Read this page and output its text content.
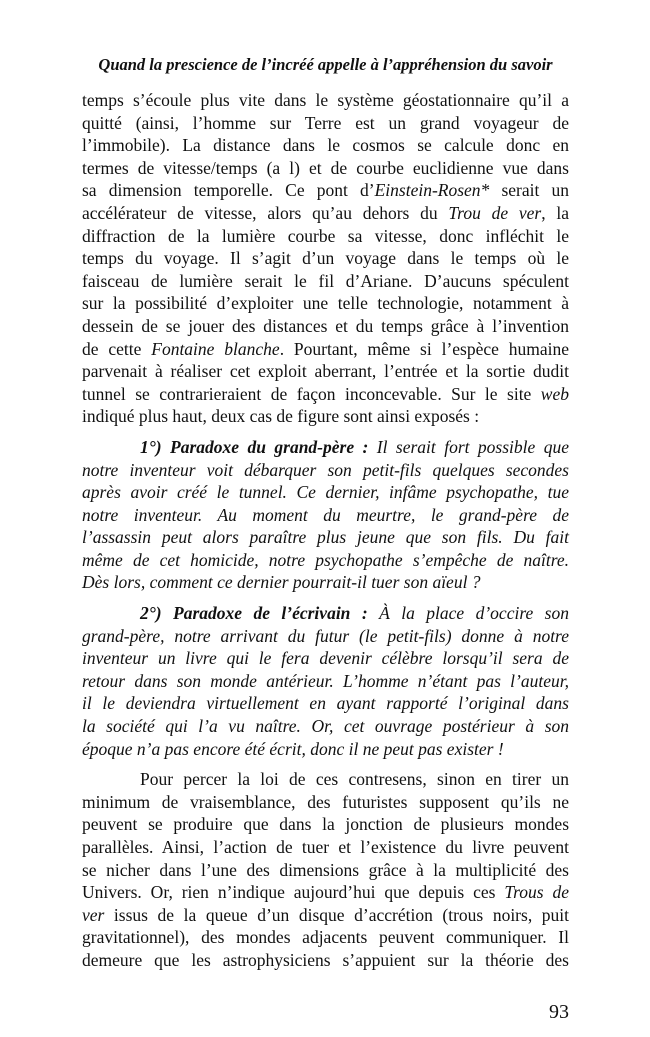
Quand la prescience de l’incréé appelle à l’appréhension du savoir
temps s’écoule plus vite dans le système géostationnaire qu’il a
quitté (ainsi, l’homme sur Terre est un grand voyageur de
l’immobile). La distance dans le cosmos se calcule donc en
termes de vitesse/temps (a l) et de courbe euclidienne vue dans
sa dimension temporelle. Ce pont d’Einstein-Rosen* serait un
accélérateur de vitesse, alors qu’au dehors du Trou de ver, la
diffraction de la lumière courbe sa vitesse, donc infléchit le
temps du voyage. Il s’agit d’un voyage dans le temps où le
faisceau de lumière serait le fil d’Ariane. D’aucuns spéculent
sur la possibilité d’exploiter une telle technologie, notamment à
dessein de se jouer des distances et du temps grâce à l’invention
de cette Fontaine blanche. Pourtant, même si l’espèce humaine
parvenait à réaliser cet exploit aberrant, l’entrée et la sortie dudit
tunnel se contrarieraient de façon inconcevable. Sur le site web
indiqué plus haut, deux cas de figure sont ainsi exposés :
1°) Paradoxe du grand-père : Il serait fort possible que
notre inventeur voit débarquer son petit-fils quelques secondes
après avoir créé le tunnel. Ce dernier, infâme psychopathe, tue
notre inventeur. Au moment du meurtre, le grand-père de
l’assassin peut alors paraître plus jeune que son fils. Du fait
même de cet homicide, notre psychopathe s’empêche de naître.
Dès lors, comment ce dernier pourrait-il tuer son aïeul ?
2°) Paradoxe de l’écrivain : À la place d’occire son
grand-père, notre arrivant du futur (le petit-fils) donne à notre
inventeur un livre qui le fera devenir célèbre lorsqu’il sera de
retour dans son monde antérieur. L’homme n’étant pas l’auteur,
il le deviendra virtuellement en ayant rapporté l’original dans
la société qui l’a vu naître. Or, cet ouvrage postérieur à son
époque n’a pas encore été écrit, donc il ne peut pas exister !
Pour percer la loi de ces contresens, sinon en tirer un
minimum de vraisemblance, des futuristes supposent qu’ils ne
peuvent se produire que dans la jonction de plusieurs mondes
parallèles. Ainsi, l’action de tuer et l’existence du livre peuvent
se nicher dans l’une des dimensions grâce à la multiplicité des
Univers. Or, rien n’indique aujourd’hui que depuis ces Trous de
ver issus de la queue d’un disque d’accrétion (trous noirs, puit
gravitationnel), des mondes adjacents peuvent communiquer. Il
demeure que les astrophysiciens s’appuient sur la théorie des
93
